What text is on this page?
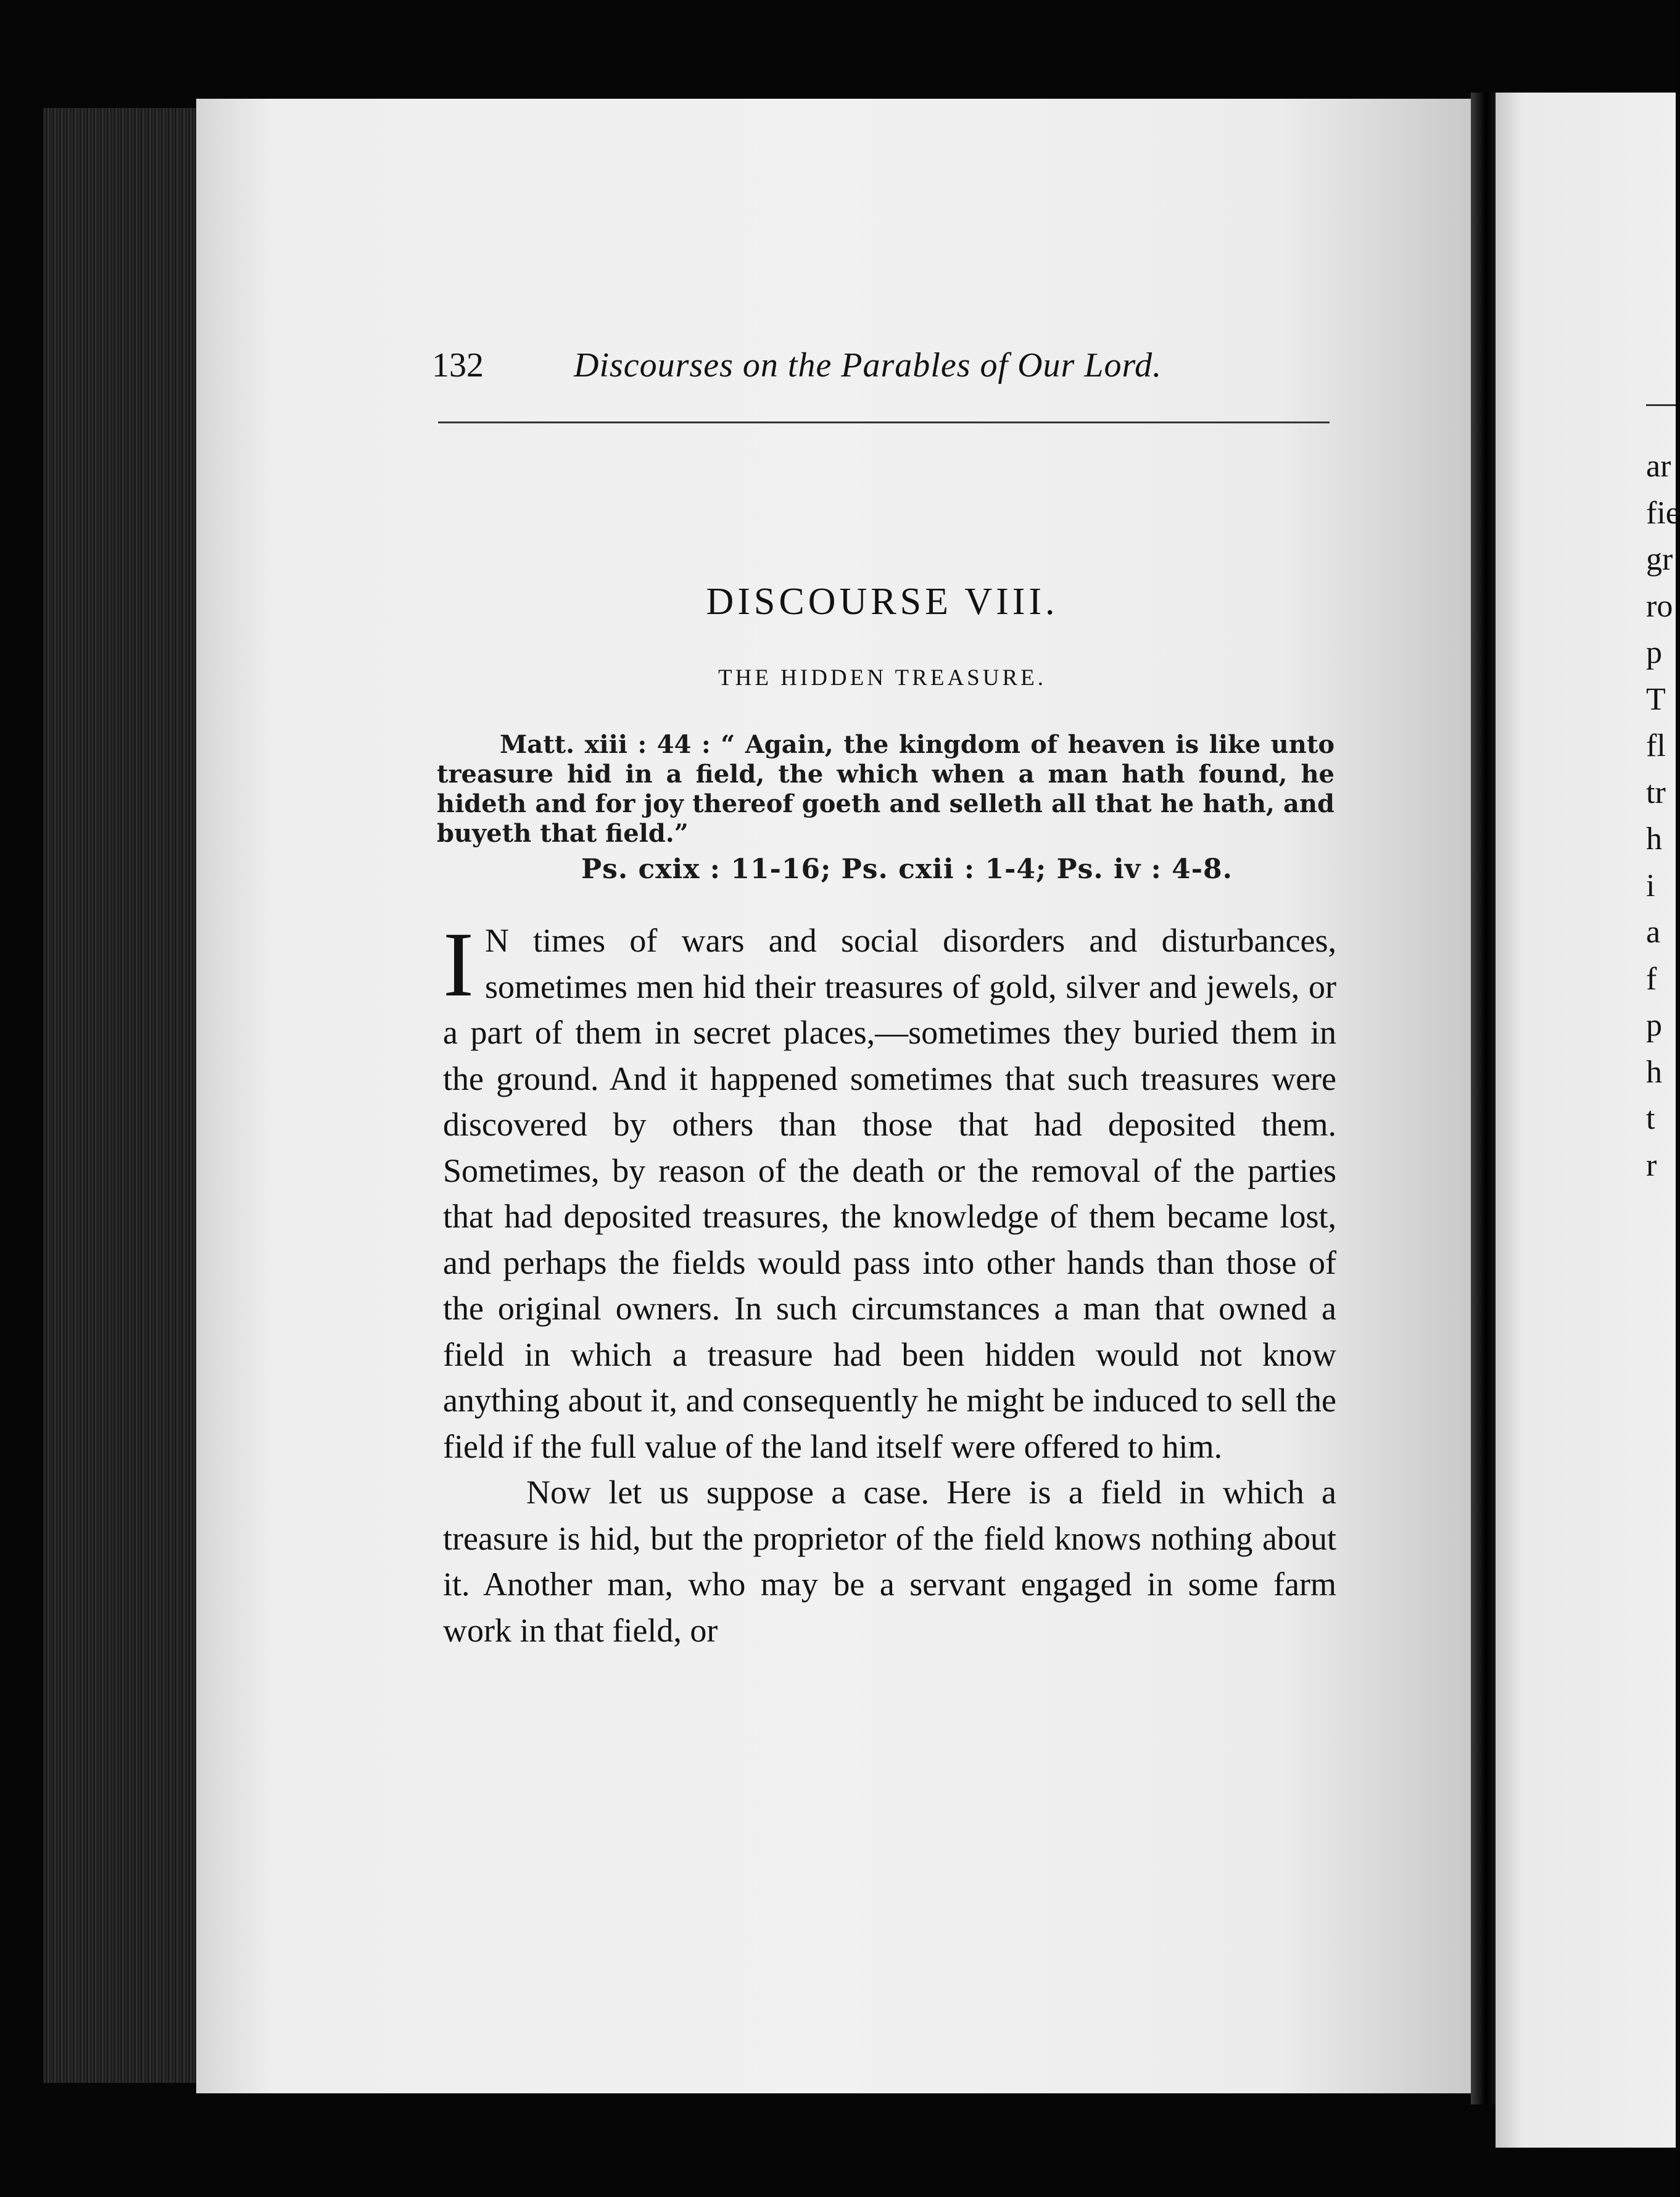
132	Discourses on the Parables of Our Lord.
DISCOURSE VIII.
THE HIDDEN TREASURE.
Matt. xiii : 44 : “ Again, the kingdom of heaven is like unto treasure hid in a field, the which when a man hath found, he hideth and for joy thereof goeth and selleth all that he hath, and buyeth that field.”
Ps. cxix : 11-16; Ps. cxii : 1-4; Ps. iv : 4-8.

I N times of wars and social disorders and disturbances, sometimes men hid their treasures of gold, silver and jewels, or a part of them in secret places,—sometimes they buried them in the ground. And it happened sometimes that such treasures were discovered by others than those that had deposited them. Sometimes, by reason of the death or the removal of the parties that had deposited treasures, the knowledge of them became lost, and perhaps the fields would pass into other hands than those of the original owners. In such circumstances a man that owned a field in which a treasure had been hidden would not know anything about it, and consequently he might be induced to sell the field if the full value of the land itself were offered to him.

Now let us suppose a case. Here is a field in which a treasure is hid, but the proprietor of the field knows nothing about it. Another man, who may be a servant engaged in some farm work in that field, or

ar
fie
gr
ro
p
T
fl
tr
h
i
a
f
p
h
t
r
